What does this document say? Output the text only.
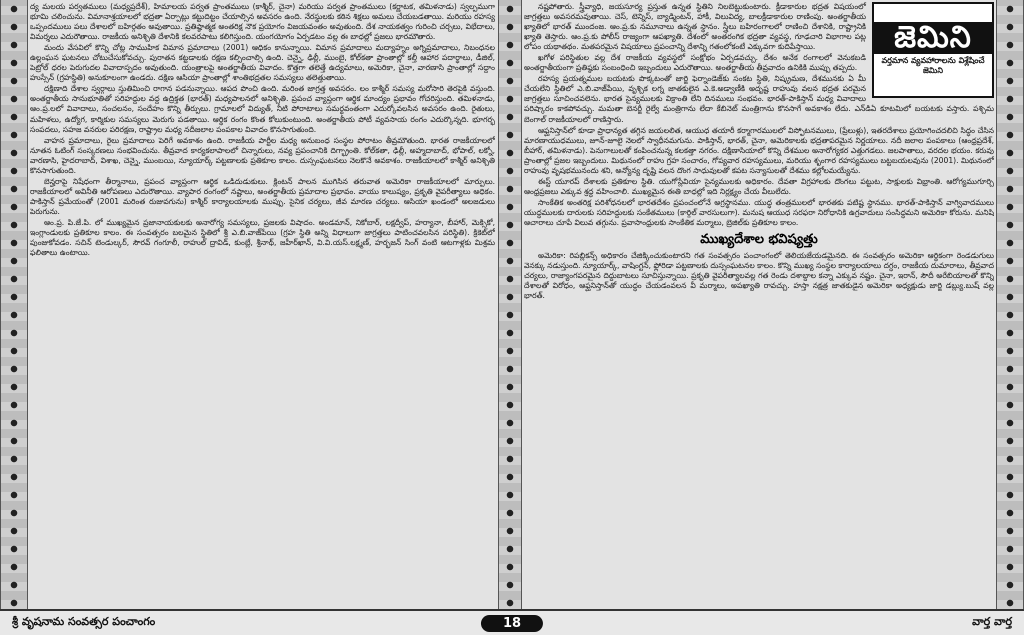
ద్య మలయ పర్వతములు (మధ్యప్రదేశ్), హిమాలయ పర్వత ప్రాంతములు (కాశ్మీర్, చైనా) మరియు పర్వత ప్రాంతములు (కర్ణాటక, తమిళనాడు) స్వల్పముగా భూమి చలించును. విమానాశ్రయాలలో భద్రతా ఏర్పాట్లు కట్టుదిట్టం చేయాల్సిన అవసరం ఉంది. నేరస్థులకు కఠిన శిక్షలు అమలు చేయబడతాయి. మరియు రహస్య ఒప్పందములు పలు దేశాలలో బహిర్గతం అవుతాయి. ప్రతిష్ఠాత్మక అంతరిక్ష నౌక ప్రయోగం విజయవంతం అవుతుంది. దేశ నాయకత్వం గురించి చర్చలు, విభేదాలు, విమర్శలు ఎదురౌతాయి. రాజకీయ అనిశ్చితి దేశానికి కలవరపాటు కలిగిస్తుంది. యంగయోగం ఏర్పడటం వల్ల ఈ బాధల్లో ప్రజలు భారమౌతారు.

మందు వేసవిలో కొన్ని చోట్ల సాముహిక విమాన ప్రమాదాలు (2001) ఆధికం కానున్నాయి. విమాన ప్రమాదాలు మద్యాహ్నం అగ్నిప్రమాదాలు, నిబంధనల ఉల్లంఘన ఘటనలు చోటుచేసుకోవచ్చు. పురాతన కట్టడాలకు రక్షణ కల్పించాల్సి ఉంది. చెన్నై, ఢిల్లీ, ముంబై, కోల్‌కతా ప్రాంతాల్లో కల్తీ ఆహార పదార్థాలు, డీజిల్, పెట్రోల్ ధరల పెరుగుదల వివాదాస్పదం అవుతుంది. యంత్రాలపై అంతర్జాతీయ వివాదం. కొత్తగా తలెత్తే ఉద్యమాలు, అమెరికా, చైనా, వారణాసి ప్రాంతాల్లో సద్దాం హుస్సేన్ (గ్రహస్థితి) అనుకూలంగా ఉండదు. దక్షిణ ఆసియా ప్రాంతాల్లో శాంతిభద్రతల సమస్యలు తలెత్తుతాయి.

దక్షిణాది దేశాల స్వర్గాలు స్తుతిమించి రాగాన పడనున్నాయి. ఆపద పొంచి ఉంది. మరింత జాగ్రత్త అవసరం. లం కాశ్మీర్ సమస్య మరోసారి తెరపైకి వస్తుంది. అంతర్జాతీయ సానుభూతితో సరిహద్దుల వద్ద ఉద్రిక్తత (భారత్) మధ్యపాలనలో అనిశ్చితి. ప్రపంచ వ్యాప్తంగా ఆర్థిక మాంద్యం ప్రభావం గోచరిస్తుంది. తమిళనాడు, ఆం.ప్ర.లలో వివాదాలు, సంచలనం, సందేహం కొన్ని తీర్పులు. గ్రామాలలో విద్యుత్, నీటి పోరాటాలు సమర్థవంతంగా ఎదుర్కోవలసిన అవసరం ఉంది. రైతులు, మహిళలు, ఉద్యోగ, కార్మికుల సమస్యలు మెరుగు పడతాయి. ఆర్థిక రంగం కొంత కోలుకుంటుంది. అంతర్జాతీయ పోటీ వ్యవసాయ రంగం ఎదుర్కొన్నది. భూగర్భ సంపదలు, సహజ వనరుల పరిరక్షణ, రాష్ట్రాల మధ్య నదీజలాల పంపకాల వివాదం కొనసాగుతుంది.

వాహన ప్రమాదాలు, రైలు ప్రమాదాలు పెరిగే అవకాశం ఉంది. రాజకీయ పార్టీల మధ్య అనుబంధ సంస్థల పోరాటం తీవ్రమౌతుంది. భారత రాజకీయాలలో నూతన ఓటింగ్ సంస్కరణలు సంభవించును. తీవ్రవాద కార్యకలాపాలలో చిన్నారులు, నవ్య ప్రపంచానికి దిగ్భ్రాంతి. కోల్‌కతా, ఢిల్లీ, అహ్మదాబాద్, భోపాల్, లక్నో, వారణాసి, హైదరాబాద్, విశాఖ, చెన్నై, ముంబయి, న్యూయార్క్ పట్టణాలకు ప్రతికూల కాలం. దుస్సంఘటనలు నెలకొనే అవకాశం. రాజకీయాలలో కాశ్మీర్ అనిశ్చితి కొనసాగుతుంది.

బెన్హరాపై నిషేధంగా తీర్మానాలు, ప్రపంచ వ్యాప్తంగా ఆర్థిక ఒడిదుడుకులు. క్లింటన్ పాలన ముగిసిన తరువాత అమెరికా రాజకీయాలలో మార్పులు. రాజకీయాలలో అవినీతి ఆరోపణలు ఎదురౌతాయి. వ్యాపార రంగంలో నష్టాలు, అంతర్జాతీయ ప్రమాదాల ప్రభావం. వాయు కాలుష్యం, ప్రకృతి వైపరీత్యాలు అధికం. పాకిస్తాన్ ప్రమేయంతో (2001 మరింత రుజువగును) కాశ్మీర్ కార్యాలయాలకు ముప్పు. సైనిక చర్యలు, జీవ మారణ చర్యలు. ఆసియా ఖండంలో అలజడులు పెరుగును.

ఆం.ప్ర. పి.జే.పి. లో ముఖ్యమైన ప్రజానాయకులకు అనారోగ్య సమస్యలు, ప్రజలకు విషాదం. అండమాన్, నికోబార్, లక్షద్వీప్, హర్యానా, బీహార్, మెక్సికో, ఇంగ్లాండులకు ప్రతికూల కాలం. ఈ సంవత్సరం బలమైన స్థితిలో శ్రీ ఎ.బి.వాజ్‌పేయి (గ్రహ స్థితి అన్ని విధాలుగా జాగ్రత్తలు పాటించవలసిన పరిస్థితి). క్రికెట్‌లో పుంజుకోవడం. సచిన్ టెండుల్కర్, సౌరవ్ గంగూలీ, రాహుల్ ద్రావిడ్, కుంబ్లే, శ్రీనాథ్, జహీర్‌ఖాన్, వి.వి.యస్.లక్ష్మణ్, హర్భజన్ సింగ్ వంటి ఆటగాళ్లకు మిశ్రమ ఫలితాలు ఉంటాయి.

జెమిని
వర్తమాన వ్యవహారాలను విశ్లేషించే జెమిని

నష్టపోతారు. స్త్రీవ్యాధి, జయసూర్య ప్రస్తుత ఉన్నత స్థితిని నిలబెట్టుకుంటారు. క్రీడాకారుల భద్రత విషయంలో జాగ్రత్తలు అవసరమవుతాయి. చెస్, టెన్నిస్, బ్యాడ్మింటన్, హాకీ, విలువిద్య, బాలక్రీడాకారుల రాణింపు. అంతర్జాతీయ ఖ్యాతిలో భారత్ ముందంజ. ఆం.ప్ర.కు నమూనాలు ఉన్నత స్థానం. స్త్రీలు బహిరంగాలలో రాణించి దేశానికి, రాష్ట్రానికి ఖ్యాతి తెస్తారు. ఆం.ప్ర.కు పోలీస్ రాజ్యంగా ఆపఖ్యాతి. దేశంలో అంతరంగిక భద్రతా వ్యవస్థ, గూఢచారి విభాగాల పట్ల లోపం యథాతథం. మతపరమైన విషయాలు ప్రపంచాన్ని దేశాన్ని గతంలోకంటే ఎక్కువగా కుదిపేస్తాయి.

ఖగోళ పరిస్థితుల వల్ల దేశ రాజకీయ వ్యవస్థలో సంక్షోభం ఏర్పడవచ్చు. దేశం అనేక రంగాలలో వెనుకబడి అంతర్జాతీయంగా ప్రతిష్ఠకు సంబంధించి ఇబ్బందులు ఎదురౌతాయి. అంతర్జాతీయ తీవ్రవాదం ఉనికికి ముప్పు తప్పదు.

రహస్య ప్రయత్నముల బయటకు పొక్కటంతో జార్జి ఫెర్నాండెజ్‌కు సంకట స్థితి, నిష్క్రమణ, దేశమునకు ఏ మీ చేయలేని స్థితిలో ఎ.బి.వాజ్‌పేయి, వృశ్చిక లగ్న జాతకులైన ఎ.కె.అడ్వాణీకి అదృష్ట రాహువు వలన భద్రత పరమైన జాగ్రత్తలు సూచించవలెను. భారత సైన్యములకు విక్రాంతి లేని దినములు సంభవం. భారత్-పాకిస్తాన్ మధ్య వివాదాలు పరిష్కారం కాకపోవచ్చు. మమతా బెనర్జీ రైల్వే మంత్రిగాను లేదా కేబినెట్ మంత్రిగాను కొనసాగే అవకాశం లేదు. ఎన్‌డిఏ కూటమిలో బయటకు వస్తారు. పశ్చిమ బెంగాల్ రాజకీయాలలో రాణిస్తారు.

ఆఫ్ఘనిస్తాన్‌లో కూడా ప్రాధాన్యత తగ్గిన జయలలిత, ఆయుధ తయారీ కర్మాగారములలో విస్ఫోటనములు, (ప్రేలుళ్లు), ఇతరదేశాలు ప్రయోగించదలిచి సిద్ధం చేసిన మారణాయుధములు, జూన్-జూలై నెలలో స్వాధీనమగును. పాకిస్తాన్, భారత్, చైనా, అమెరికాలకు భద్రతాపరమైన నిర్ణయాలు. నదీ జలాల పంపకాలు (ఆంధ్రప్రదేశ్, బీహార్, తమిళనాడు). పెనుగాలులతో కంపించనున్న కలకత్తా నగరం. దక్షిణాసియాలో కొన్ని దేశముల అనారోగ్యకర ఎత్తుగడలు. జలపాతాలు, వరదల భయం. కరువు ప్రాంతాల్లో ప్రజల ఇబ్బందులు. మిథునంలో రాహు గ్రహ సంచారం, గోప్యవార రహస్యములు, మరియు శృంగార రహస్యములు బట్టబయలవును (2001). మిథునంలో రాహువు వృషభమునందు శని, అన్యోన్య దృష్టి వలన దొంగ సాధువులతో కపట సన్యాసులతో దేశము కల్లోలమయ్యేను.

ఈస్ట్ యూరప్ దేశాలకు ప్రతికూల స్థితి. యుగోస్లేవియా సైన్యములకు అధికారం. దేవతా విగ్రహాలకు దొంగలు పట్టుట, సాక్షులకు విభ్రాంతి. ఆరోగ్యముగూర్చి ఆంధ్రప్రజలు ఎక్కువ శ్రద్ధ వహించాలి. ముఖ్యమైన ఈతి బాధల్లో ఇది నిర్లక్ష్యం చేయ వీలులేదు.

సాంకేతిక అంతరిక్ష పరిశోధనలలో భారతదేశం ప్రపంచంలోనే అగ్రస్థానము. యుద్ధ తంత్రములలో భారతకు పటిష్ట స్థానము. భారత్-పాకిస్తాన్ వాగ్వివాదములు యుద్ధములకు దారులకు సరిహద్దులకు సంకేతములు (కార్గిల్ వారసులుగా). మనుష ఆయుధ సరఫరా నిరోధానికి ఉగ్రవాదులు సంసిద్ధమని అమెరికా కోరును. మనిషి ఆచారాలు చూపే విలువ తగ్గును. ప్రవాసాంధ్రులకు సాంకేతిక మర్మాలు, బ్రెజిల్‌కు ప్రతికూల కాలం.

ముఖ్యదేశాల భవిష్యత్తు

అమెరికా: రిపబ్లికన్స్ అధికారం చేజిక్కించుకుంటారని గత సంవత్సరం పంచాంగంలో తెలియజేయడమైనది. ఈ సంవత్సరం అమెరికా ఆర్థికంగా రెండడుగులు వెనక్కు నడుస్తుంది. న్యూయార్క్, వాషింగ్టన్, ఫ్లోరిడా పట్టణాలకు దుస్సంఘటనల కాలం. కొన్ని ముఖ్య సంస్థల కార్యాలయాలు దగ్ధం, రాజకీయ దుమారాలు, తీవ్రవాద చర్యలు, రాజ్యాంగపరమైన దిద్దుబాటలు సూచిస్తున్నాయి. ప్రకృతి వైపరీత్యాలవల్ల గత రెండు దశాబ్దాల కన్నా ఎక్కువ నష్టం. చైనా, ఇరాన్, సౌదీ అరేబియాలతో కొన్ని దేశాలతో విరోధం, ఆఫ్ఘనిస్తాన్‌తో యుద్ధం చేయడంవలన వీ మర్మాలు, అపఖ్యాతి రావచ్చు. హస్తా నక్షత్ర జాతకుడైన అమెరికా అధ్యక్షుడు జార్జి డబ్ల్యు.బుష్ వల్ల భారత్.

శ్రీ వృషనామ సంవత్సర పంచాంగం	18	వార్త వార్త
